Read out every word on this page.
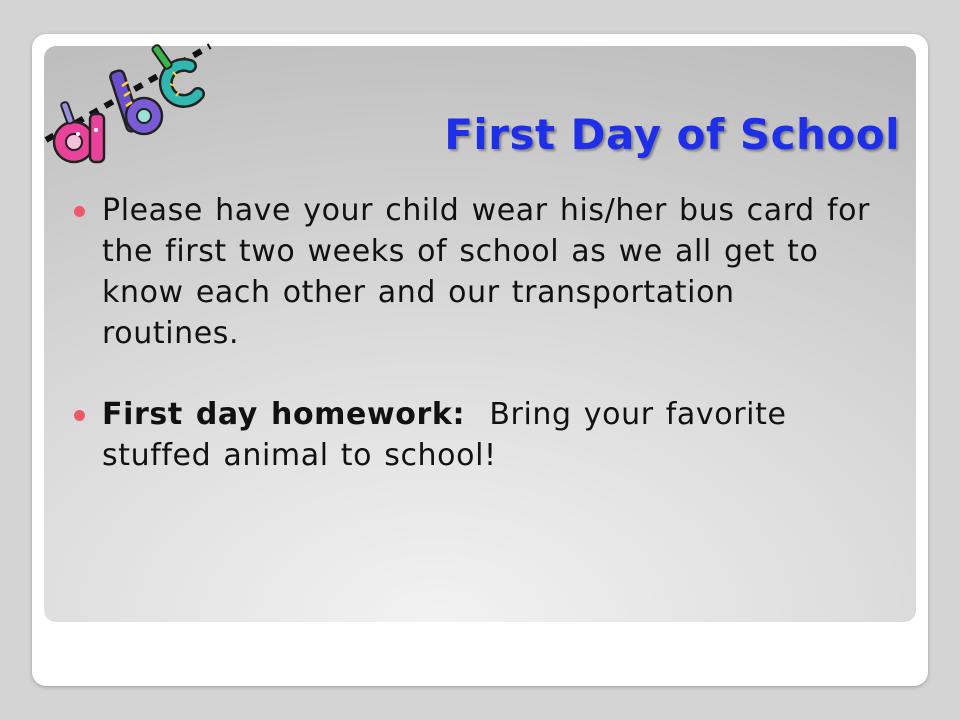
First Day of School
Please have your child wear his/her bus card for the first two weeks of school as we all get to know each other and our transportation routines.
First day homework:  Bring your favorite stuffed animal to school!
